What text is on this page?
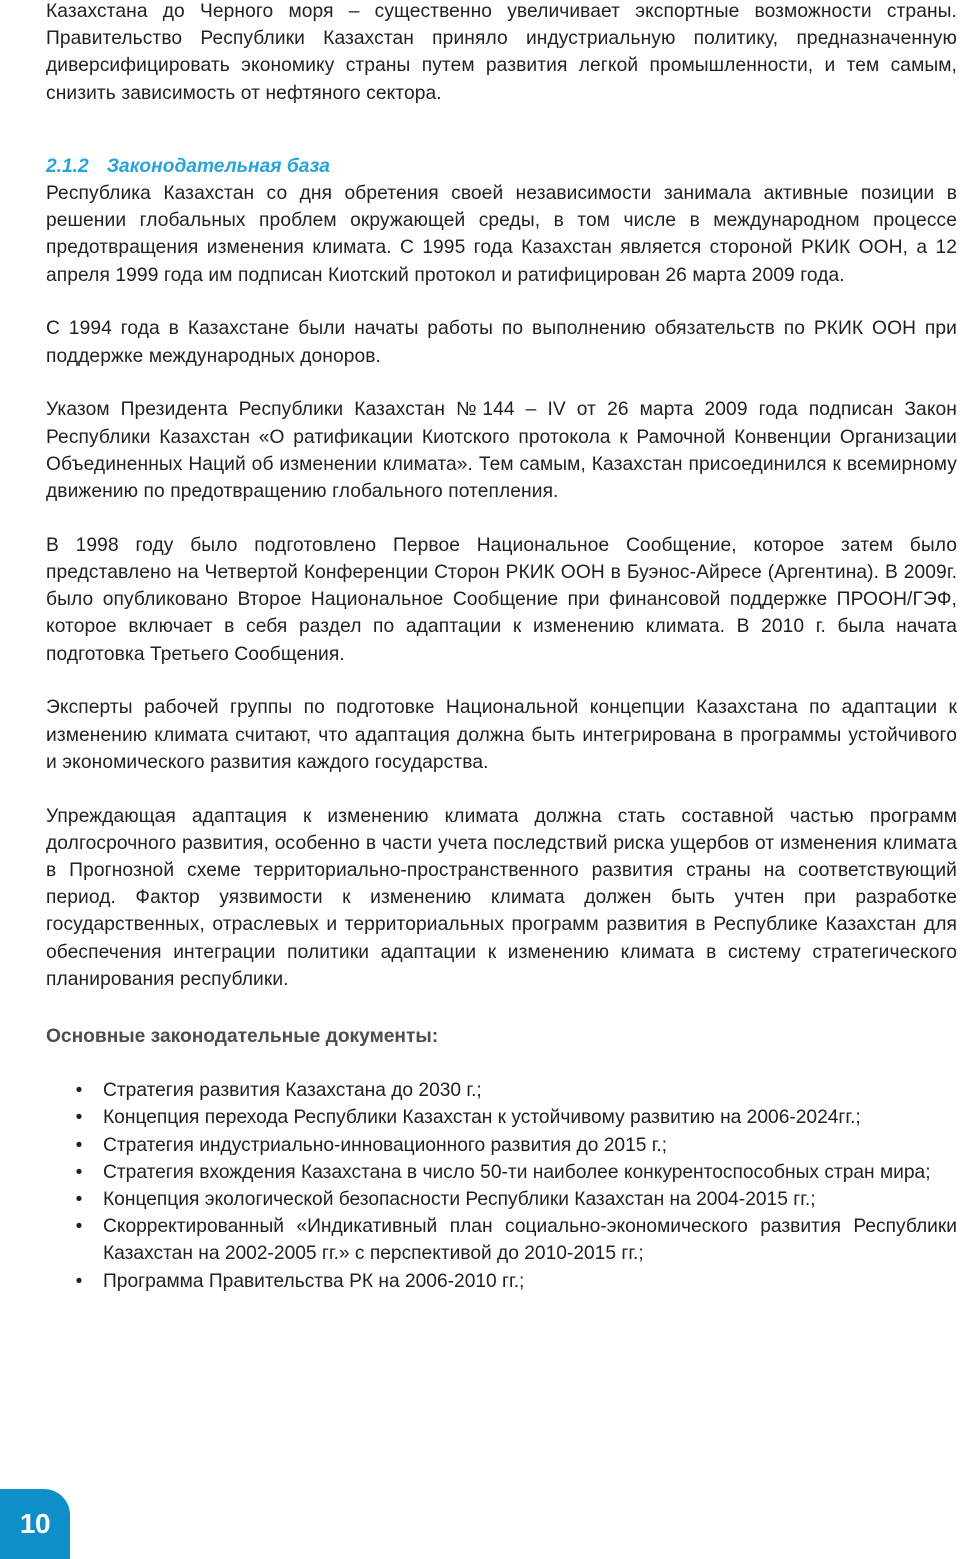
Казахстана до Черного моря – существенно увеличивает экспортные возможности страны. Правительство Республики Казахстан приняло индустриальную политику, предназначенную диверсифицировать экономику страны путем развития легкой промышленности, и тем самым, снизить зависимость от нефтяного сектора.

2.1.2 Законодательная база

Республика Казахстан со дня обретения своей независимости занимала активные позиции в решении глобальных проблем окружающей среды, в том числе в международном процессе предотвращения изменения климата. С 1995 года Казахстан является стороной РКИК ООН, а 12 апреля 1999 года им подписан Киотский протокол и ратифицирован 26 марта 2009 года.

С 1994 года в Казахстане были начаты работы по выполнению обязательств по РКИК ООН при поддержке международных доноров.

Указом Президента Республики Казахстан №144 – IV от 26 марта 2009 года подписан Закон Республики Казахстан «О ратификации Киотского протокола к Рамочной Конвенции Организации Объединенных Наций об изменении климата». Тем самым, Казахстан присоединился к всемирному движению по предотвращению глобального потепления.

В 1998 году было подготовлено Первое Национальное Сообщение, которое затем было представлено на Четвертой Конференции Сторон РКИК ООН в Буэнос-Айресе (Аргентина). В 2009г. было опубликовано Второе Национальное Сообщение при финансовой поддержке ПРООН/ГЭФ, которое включает в себя раздел по адаптации к изменению климата. В 2010 г. была начата подготовка Третьего Сообщения.

Эксперты рабочей группы по подготовке Национальной концепции Казахстана по адаптации к изменению климата считают, что адаптация должна быть интегрирована в программы устойчивого и экономического развития каждого государства.

Упреждающая адаптация к изменению климата должна стать составной частью программ долгосрочного развития, особенно в части учета последствий риска ущербов от изменения климата в Прогнозной схеме территориально-пространственного развития страны на соответствующий период. Фактор уязвимости к изменению климата должен быть учтен при разработке государственных, отраслевых и территориальных программ развития в Республике Казахстан для обеспечения интеграции политики адаптации к изменению климата в систему стратегического планирования республики.

Основные законодательные документы:
• Стратегия развития Казахстана до 2030 г.;
• Концепция перехода Республики Казахстан к устойчивому развитию на 2006-2024гг.;
• Стратегия индустриально-инновационного развития до 2015 г.;
• Стратегия вхождения Казахстана в число 50-ти наиболее конкурентоспособных стран мира;
• Концепция экологической безопасности Республики Казахстан на 2004-2015 гг.;
• Скорректированный «Индикативный план социально-экономического развития Республики Казахстан на 2002-2005 гг.» с перспективой до 2010-2015 гг.;
• Программа Правительства РК на 2006-2010 гг.;
10
